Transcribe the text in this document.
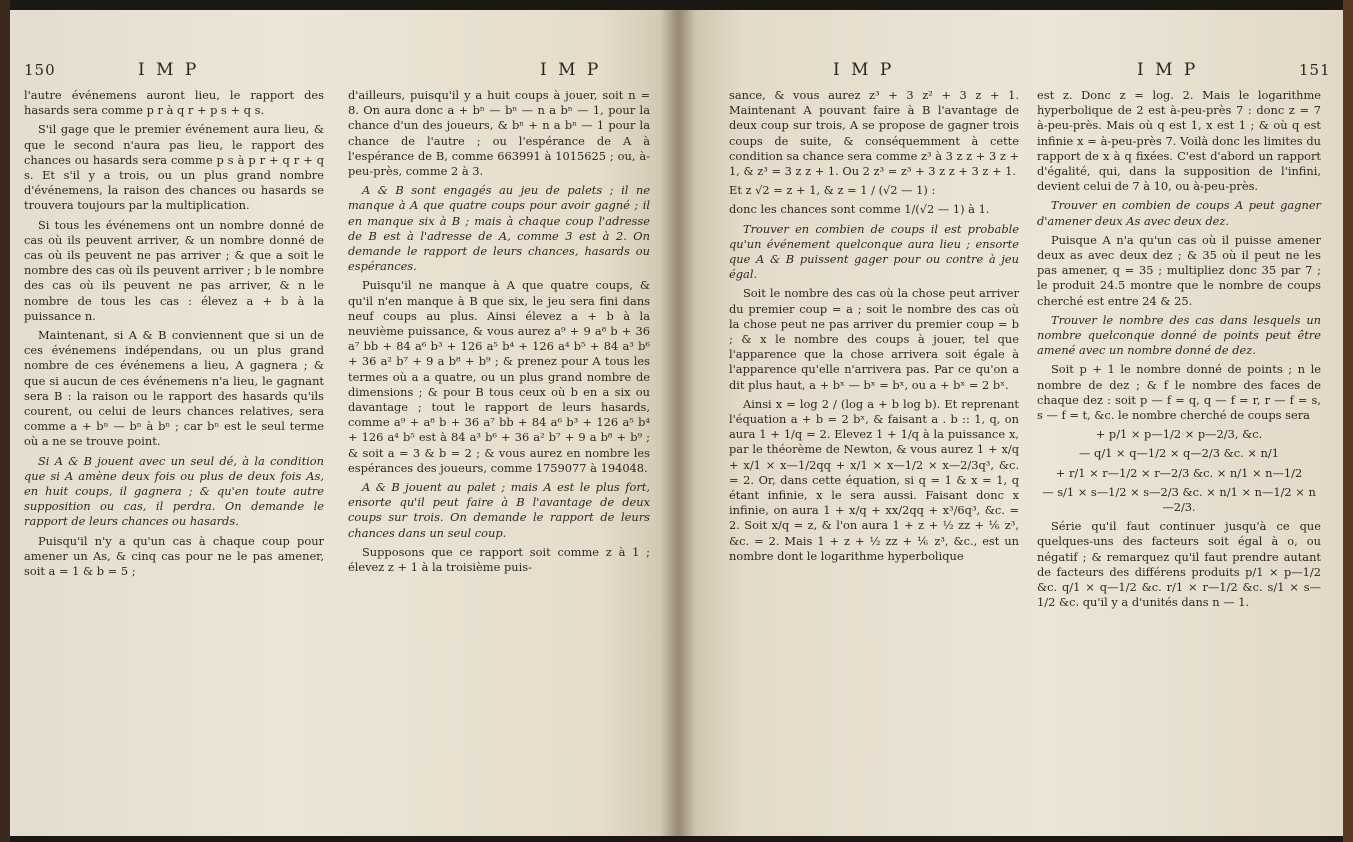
150	I M P	I M P

l'autre événemens auront lieu, le rapport des hasards sera comme p r à q r + p s + q s.

S'il gage que le premier événement aura lieu, & que le second n'aura pas lieu, le rapport des chances ou hasards sera comme p s à p r + q r + q s. Et s'il y a trois, ou un plus grand nombre d'événemens, la raison des chances ou hasards se trouvera toujours par la multiplication.

Si tous les événemens ont un nombre donné de cas où ils peuvent arriver, & un nombre donné de cas où ils peuvent ne pas arriver ; & que a soit le nombre des cas où ils peuvent arriver ; b le nombre des cas où ils peuvent ne pas arriver, & n le nombre de tous les cas : élevez a + b à la puissance n.

Maintenant, si A & B conviennent que si un de ces événemens indépendans, ou un plus grand nombre de ces événemens a lieu, A gagnera ; & que si aucun de ces événemens n'a lieu, le gagnant sera B : la raison ou le rapport des hasards qu'ils courent, ou celui de leurs chances relatives, sera comme a + bⁿ — bⁿ à bⁿ ; car bⁿ est le seul terme où a ne se trouve point.

Si A & B jouent avec un seul dé, à la condition que si A amène deux fois ou plus de deux fois As, en huit coups, il gagnera ; & qu'en toute autre supposition ou cas, il perdra. On demande le rapport de leurs chances ou hasards.

Puisqu'il n'y a qu'un cas à chaque coup pour amener un As, & cinq cas pour ne le pas amener, soit a = 1 & b = 5 ;

d'ailleurs, puisqu'il y a huit coups à jouer, soit n = 8. On aura donc a + bⁿ — bⁿ — n a bⁿ — 1, pour la chance d'un des joueurs, & bⁿ + n a bⁿ — 1 pour la chance de l'autre ; ou l'espérance de A à l'espérance de B, comme 663991 à 1015625 ; ou, à-peu-près, comme 2 à 3.

A & B sont engagés au jeu de palets ; il ne manque à A que quatre coups pour avoir gagné ; il en manque six à B ; mais à chaque coup l'adresse de B est à l'adresse de A, comme 3 est à 2. On demande le rapport de leurs chances, hasards ou espérances.

Puisqu'il ne manque à A que quatre coups, & qu'il n'en manque à B que six, le jeu sera fini dans neuf coups au plus. Ainsi élevez a + b à la neuvième puissance, & vous aurez a⁹ + 9 a⁸ b + 36 a⁷ bb + 84 a⁶ b³ + 126 a⁵ b⁴ + 126 a⁴ b⁵ + 84 a³ b⁶ + 36 a² b⁷ + 9 a b⁸ + b⁹ ; & prenez pour A tous les termes où a a quatre, ou un plus grand nombre de dimensions ; & pour B tous ceux où b en a six ou davantage ; tout le rapport de leurs hasards, comme a⁹ + a⁸ b + 36 a⁷ bb + 84 a⁶ b³ + 126 a⁵ b⁴ + 126 a⁴ b⁵ est à 84 a³ b⁶ + 36 a² b⁷ + 9 a b⁸ + b⁹ ; & soit a = 3 & b = 2 ; & vous aurez en nombre les espérances des joueurs, comme 1759077 à 194048.

A & B jouent au palet ; mais A est le plus fort, ensorte qu'il peut faire à B l'avantage de deux coups sur trois. On demande le rapport de leurs chances dans un seul coup.

Supposons que ce rapport soit comme z à 1 ; élevez z + 1 à la troisième puis-

I M P	I M P	151

sance, & vous aurez z³ + 3 z² + 3 z + 1. Maintenant A pouvant faire à B l'avantage de deux coup sur trois, A se propose de gagner trois coups de suite, & conséquemment à cette condition sa chance sera comme z³ à 3 z z + 3 z + 1, & z³ = 3 z z + 1. Ou 2 z³ = z³ + 3 z z + 3 z + 1.

Et z √2 = z + 1, & z = 1 / (√2 — 1) :

donc les chances sont comme 1/(√2 — 1) à 1.

Trouver en combien de coups il est probable qu'un événement quelconque aura lieu ; ensorte que A & B puissent gager pour ou contre à jeu égal.

Soit le nombre des cas où la chose peut arriver du premier coup = a ; soit le nombre des cas où la chose peut ne pas arriver du premier coup = b ; & x le nombre des coups à jouer, tel que l'apparence que la chose arrivera soit égale à l'apparence qu'elle n'arrivera pas. Par ce qu'on a dit plus haut, a + bˣ — bˣ = bˣ, ou a + bˣ = 2 bˣ.

Ainsi x = log 2 / (log a + b log b). Et reprenant l'équation a + b = 2 bˣ, & faisant a . b :: 1, q, on aura 1 + 1/q = 2. Elevez 1 + 1/q à la puissance x, par le théorème de Newton, & vous aurez 1 + x/q + x/1 × x—1/2qq + x/1 × x—1/2 × x—2/3q³, &c. = 2. Or, dans cette équation, si q = 1 & x = 1, q étant infinie, x le sera aussi. Faisant donc x infinie, on aura 1 + x/q + xx/2qq + x³/6q³, &c. = 2. Soit x/q = z, & l'on aura 1 + z + ½ zz + ⅙ z³, &c. = 2. Mais 1 + z + ½ zz + ⅙ z³, &c., est un nombre dont le logarithme hyperbolique

est z. Donc z = log. 2. Mais le logarithme hyperbolique de 2 est à-peu-près 7 : donc z = 7 à-peu-près. Mais où q est 1, x est 1 ; & où q est infinie x = à-peu-près 7. Voilà donc les limites du rapport de x à q fixées. C'est d'abord un rapport d'égalité, qui, dans la supposition de l'infini, devient celui de 7 à 10, ou à-peu-près.

Trouver en combien de coups A peut gagner d'amener deux As avec deux dez.

Puisque A n'a qu'un cas où il puisse amener deux as avec deux dez ; & 35 où il peut ne les pas amener, q = 35 ; multipliez donc 35 par 7 ; le produit 24.5 montre que le nombre de coups cherché est entre 24 & 25.

Trouver le nombre des cas dans lesquels un nombre quelconque donné de points peut être amené avec un nombre donné de dez.

Soit p + 1 le nombre donné de points ; n le nombre de dez ; & f le nombre des faces de chaque dez : soit p — f = q, q — f = r, r — f = s, s — f = t, &c. le nombre cherché de coups sera

+ p/1 × p—1/2 × p—2/3, &c.

— q/1 × q—1/2 × q—2/3 &c. × n/1

+ r/1 × r—1/2 × r—2/3 &c. × n/1 × n—1/2

— s/1 × s—1/2 × s—2/3 &c. × n/1 × n—1/2 × n—2/3.

Série qu'il faut continuer jusqu'à ce que quelques-uns des facteurs soit égal à o, ou négatif ; & remarquez qu'il faut prendre autant de facteurs des différens produits p/1 × p—1/2 &c. q/1 × q—1/2 &c. r/1 × r—1/2 &c. s/1 × s—1/2 &c. qu'il y a d'unités dans n — 1.
